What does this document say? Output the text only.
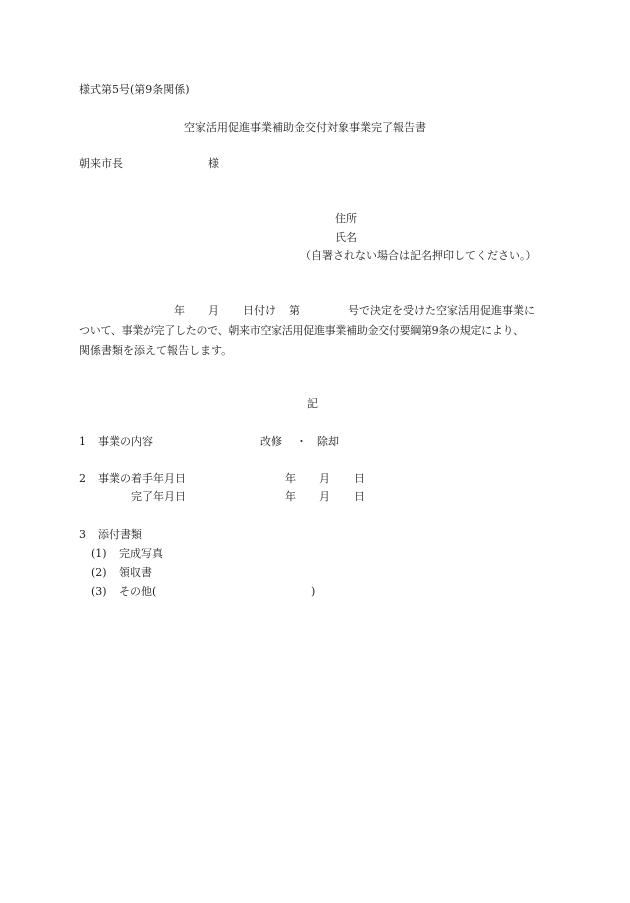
様式第5号(第9条関係)
空家活用促進事業補助金交付対象事業完了報告書
朝来市長	様
住所
氏名
（自署されない場合は記名押印してください。）
年 月 日付け 第	号で決定を受けた空家活用促進事業に
ついて、事業が完了したので、朝来市空家活用促進事業補助金交付要綱第9条の規定により、
関係書類を添えて報告します。
記
1 事業の内容	改修 ・ 除却
2 事業の着手年月日	年 月 日
完了年月日	年 月 日
3 添付書類
(1) 完成写真
(2) 領収書
(3) その他(	)
